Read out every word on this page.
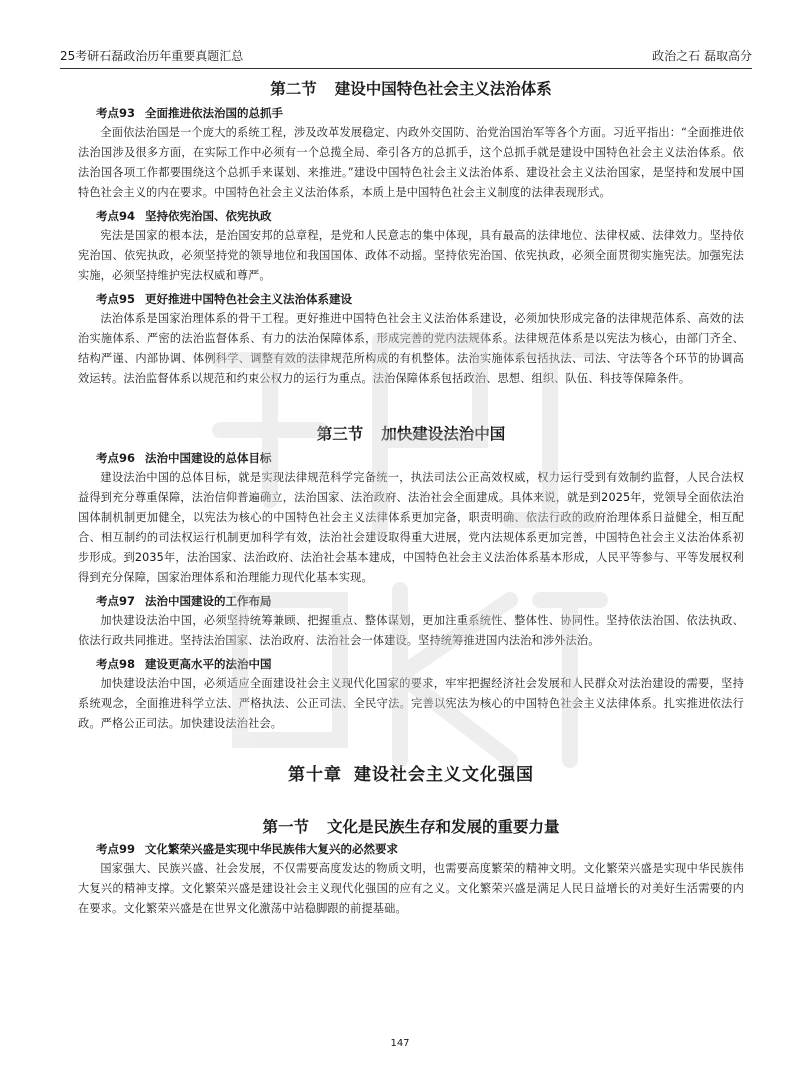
25考研石磊政治历年重要真题汇总	政治之石 磊取高分
第二节 建设中国特色社会主义法治体系

考点93 全面推进依法治国的总抓手

全面依法治国是一个庞大的系统工程，涉及改革发展稳定、内政外交国防、治党治国治军等各个方面。习近平指出：“全面推进依法治国涉及很多方面，在实际工作中必须有一个总揽全局、牵引各方的总抓手，这个总抓手就是建设中国特色社会主义法治体系。依法治国各项工作都要围绕这个总抓手来谋划、来推进。”建设中国特色社会主义法治体系、建设社会主义法治国家，是坚持和发展中国特色社会主义的内在要求。中国特色社会主义法治体系，本质上是中国特色社会主义制度的法律表现形式。

考点94 坚持依宪治国、依宪执政

宪法是国家的根本法，是治国安邦的总章程，是党和人民意志的集中体现，具有最高的法律地位、法律权威、法律效力。坚持依宪治国、依宪执政，必须坚持党的领导地位和我国国体、政体不动摇。坚持依宪治国、依宪执政，必须全面贯彻实施宪法。加强宪法实施，必须坚持维护宪法权威和尊严。

考点95 更好推进中国特色社会主义法治体系建设

法治体系是国家治理体系的骨干工程。更好推进中国特色社会主义法治体系建设，必须加快形成完备的法律规范体系、高效的法治实施体系、严密的法治监督体系、有力的法治保障体系，形成完善的党内法规体系。法律规范体系是以宪法为核心，由部门齐全、结构严谨、内部协调、体例科学、调整有效的法律规范所构成的有机整体。法治实施体系包括执法、司法、守法等各个环节的协调高效运转。法治监督体系以规范和约束公权力的运行为重点。法治保障体系包括政治、思想、组织、队伍、科技等保障条件。

第三节 加快建设法治中国

考点96 法治中国建设的总体目标

建设法治中国的总体目标，就是实现法律规范科学完备统一，执法司法公正高效权威，权力运行受到有效制约监督，人民合法权益得到充分尊重保障，法治信仰普遍确立，法治国家、法治政府、法治社会全面建成。具体来说，就是到2025年，党领导全面依法治国体制机制更加健全，以宪法为核心的中国特色社会主义法律体系更加完备，职责明确、依法行政的政府治理体系日益健全，相互配合、相互制约的司法权运行机制更加科学有效，法治社会建设取得重大进展，党内法规体系更加完善，中国特色社会主义法治体系初步形成。到2035年，法治国家、法治政府、法治社会基本建成，中国特色社会主义法治体系基本形成，人民平等参与、平等发展权利得到充分保障，国家治理体系和治理能力现代化基本实现。

考点97 法治中国建设的工作布局

加快建设法治中国，必须坚持统筹兼顾、把握重点、整体谋划，更加注重系统性、整体性、协同性。坚持依法治国、依法执政、依法行政共同推进。坚持法治国家、法治政府、法治社会一体建设。坚持统筹推进国内法治和涉外法治。

考点98 建设更高水平的法治中国

加快建设法治中国，必须适应全面建设社会主义现代化国家的要求，牢牢把握经济社会发展和人民群众对法治建设的需要，坚持系统观念，全面推进科学立法、严格执法、公正司法、全民守法。完善以宪法为核心的中国特色社会主义法律体系。扎实推进依法行政。严格公正司法。加快建设法治社会。

第十章 建设社会主义文化强国
第一节 文化是民族生存和发展的重要力量

考点99 文化繁荣兴盛是实现中华民族伟大复兴的必然要求

国家强大、民族兴盛、社会发展，不仅需要高度发达的物质文明，也需要高度繁荣的精神文明。文化繁荣兴盛是实现中华民族伟大复兴的精神支撑。文化繁荣兴盛是建设社会主义现代化强国的应有之义。文化繁荣兴盛是满足人民日益增长的对美好生活需要的内在要求。文化繁荣兴盛是在世界文化激荡中站稳脚跟的前提基础。

147
